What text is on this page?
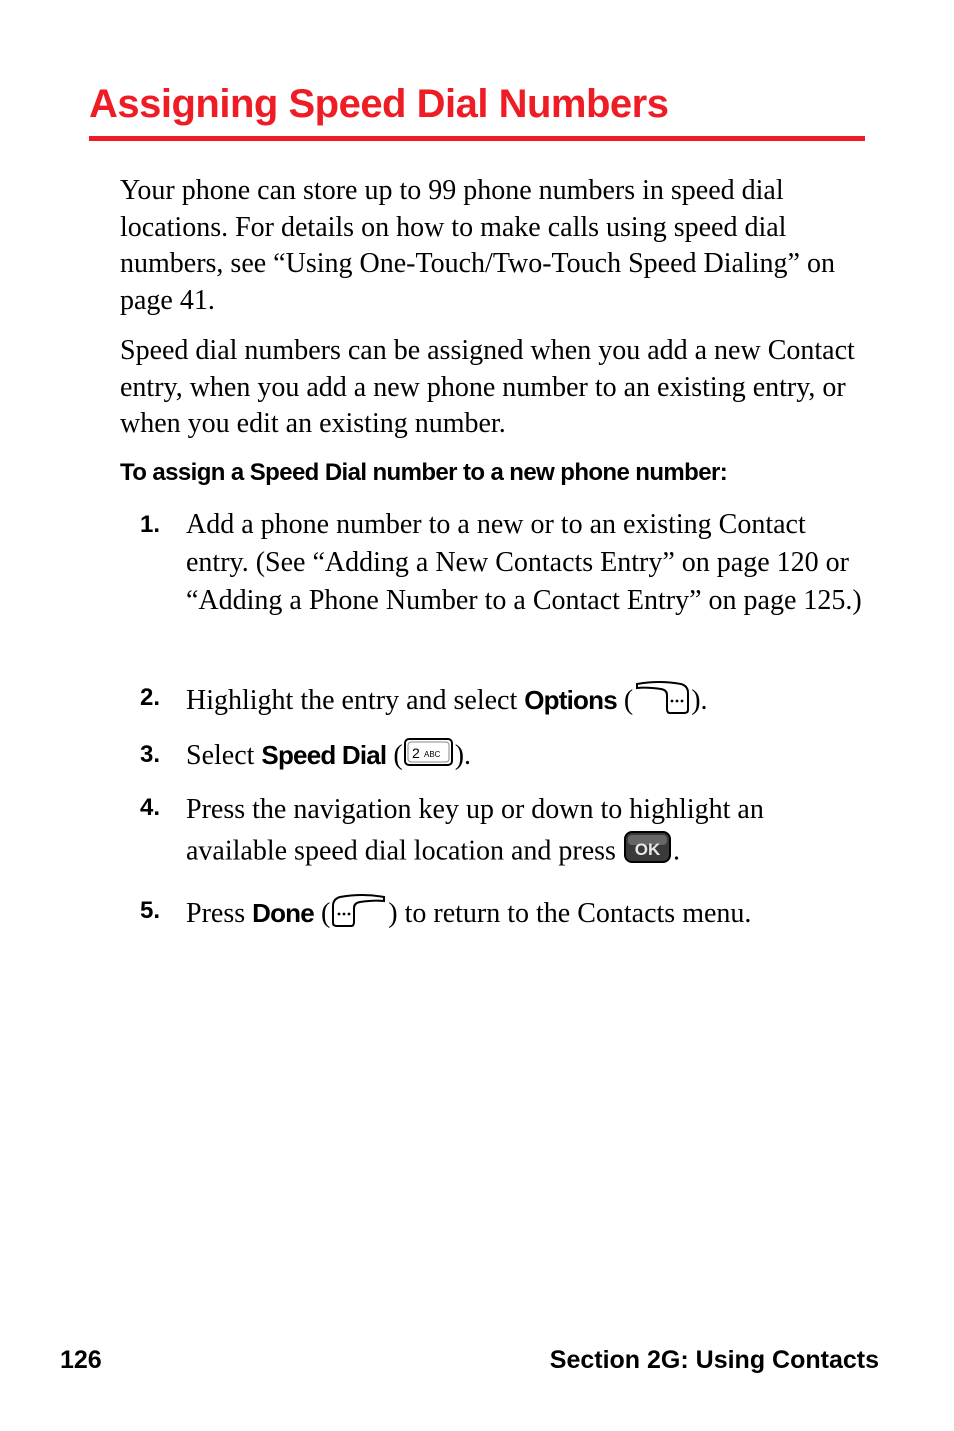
Assigning Speed Dial Numbers
Your phone can store up to 99 phone numbers in speed dial locations. For details on how to make calls using speed dial numbers, see “Using One-Touch/Two-Touch Speed Dialing” on page 41.
Speed dial numbers can be assigned when you add a new Contact entry, when you add a new phone number to an existing entry, or when you edit an existing number.
To assign a Speed Dial number to a new phone number:
1. Add a phone number to a new or to an existing Contact entry. (See “Adding a New Contacts Entry” on page 120 or “Adding a Phone Number to a Contact Entry” on page 125.)
2. Highlight the entry and select Options ( ).
3. Select Speed Dial ( 2 ABC ).
4. Press the navigation key up or down to highlight an available speed dial location and press OK .
5. Press Done ( ) to return to the Contacts menu.
126	Section 2G: Using Contacts
